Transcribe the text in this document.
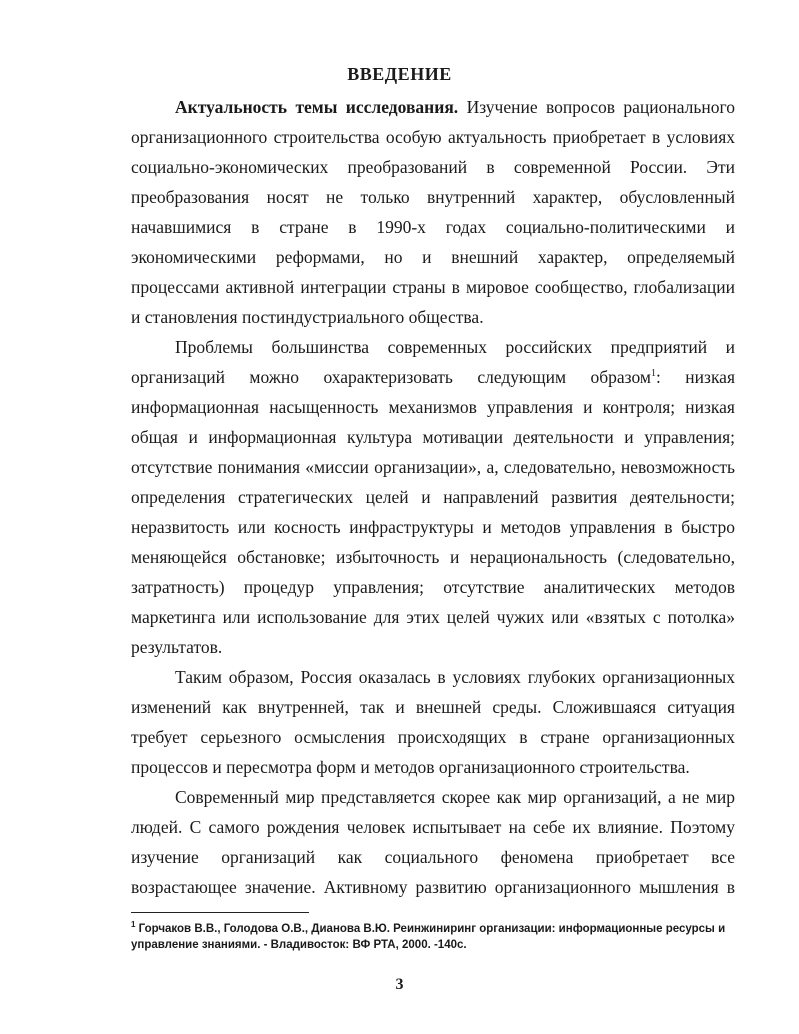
ВВЕДЕНИЕ
Актуальность темы исследования. Изучение вопросов рационального
организационного строительства особую актуальность приобретает в условиях
социально-экономических преобразований в современной России. Эти
преобразования носят не только внутренний характер, обусловленный
начавшимися в стране в 1990-х годах социально-политическими и
экономическими реформами, но и внешний характер, определяемый
процессами активной интеграции страны в мировое сообщество, глобализации
и становления постиндустриального общества.
Проблемы большинства современных российских предприятий и
организаций можно охарактеризовать следующим образом$^1$: низкая
информационная насыщенность механизмов управления и контроля; низкая
общая и информационная культура мотивации деятельности и управления;
отсутствие понимания «миссии организации», а, следовательно, невозможность
определения стратегических целей и направлений развития деятельности;
неразвитость или косность инфраструктуры и методов управления в быстро
меняющейся обстановке; избыточность и нерациональность (следовательно,
затратность) процедур управления; отсутствие аналитических методов
маркетинга или использование для этих целей чужих или «взятых с потолка»
результатов.
Таким образом, Россия оказалась в условиях глубоких организационных
изменений как внутренней, так и внешней среды. Сложившаяся ситуация
требует серьезного осмысления происходящих в стране организационных
процессов и пересмотра форм и методов организационного строительства.
Современный мир представляется скорее как мир организаций, а не мир
людей. С самого рождения человек испытывает на себе их влияние. Поэтому
изучение организаций как социального феномена приобретает все
возрастающее значение. Активному развитию организационного мышления в
$^1$ Горчаков В.В., Голодова О.В., Дианова В.Ю. Реинжиниринг организации: информационные ресурсы и
управление знаниями. - Владивосток: ВФ РТА, 2000. -140с.
3
